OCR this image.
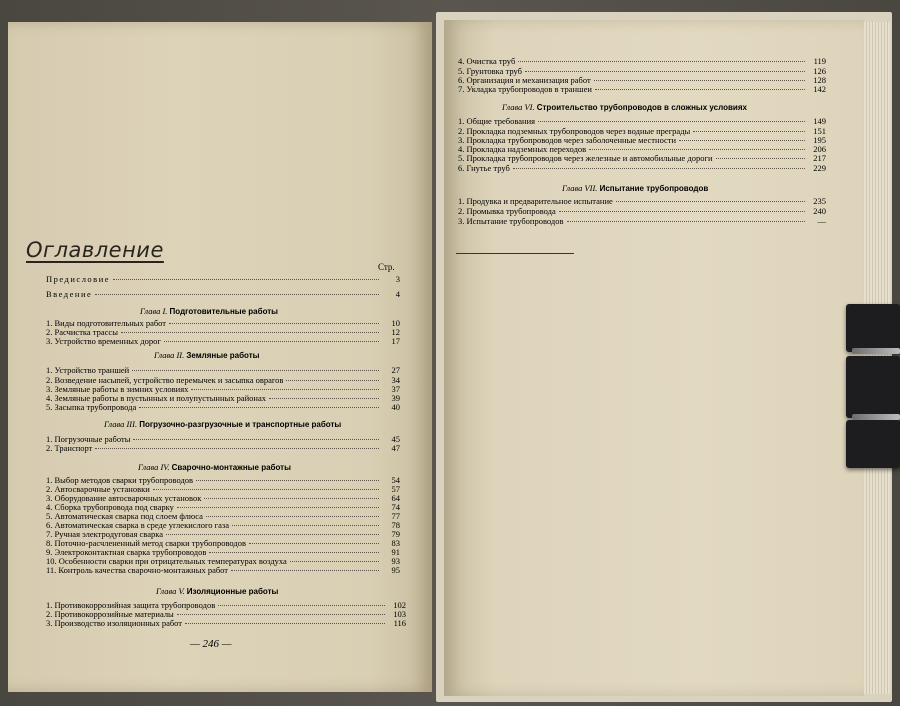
Оглавление
Стр.
Предисловие	3
Введение	4
Глава I. Подготовительные работы
1. Виды подготовительных работ	10
2. Расчистка трассы	12
3. Устройство временных дорог	17
Глава II. Земляные работы
1. Устройство траншей	27
2. Возведение насыпей, устройство перемычек и засыпка оврагов	34
3. Земляные работы в зимних условиях	37
4. Земляные работы в пустынных и полупустынных районах	39
5. Засыпка трубопровода	40
Глава III. Погрузочно-разгрузочные и транспортные работы
1. Погрузочные работы	45
2. Транспорт	47
Глава IV. Сварочно-монтажные работы
1. Выбор методов сварки трубопроводов	54
2. Автосварочные установки	57
3. Оборудование автосварочных установок	64
4. Сборка трубопровода под сварку	74
5. Автоматическая сварка под слоем флюса	77
6. Автоматическая сварка в среде углекислого газа	78
7. Ручная электродуговая сварка	79
8. Поточно-расчлененный метод сварки трубопроводов	83
9. Электроконтактная сварка трубопроводов	91
10. Особенности сварки при отрицательных температурах воздуха	93
11. Контроль качества сварочно-монтажных работ	95
Глава V. Изоляционные работы
1. Противокоррозийная защита трубопроводов	102
2. Противокоррозийные материалы	103
3. Производство изоляционных работ	116
— 246 —
4. Очистка труб	119
5. Грунтовка труб	126
6. Организация и механизация работ	128
7. Укладка трубопроводов в траншеи	142
Глава VI. Строительство трубопроводов в сложных условиях
1. Общие требования	149
2. Прокладка подземных трубопроводов через водные преграды	151
3. Прокладка трубопроводов через заболоченные местности	195
4. Прокладка надземных переходов	206
5. Прокладка трубопроводов через железные и автомобильные дороги	217
6. Гнутье труб	229
Глава VII. Испытание трубопроводов
1. Продувка и предварительное испытание	235
2. Промывка трубопровода	240
3. Испытание трубопроводов	—
